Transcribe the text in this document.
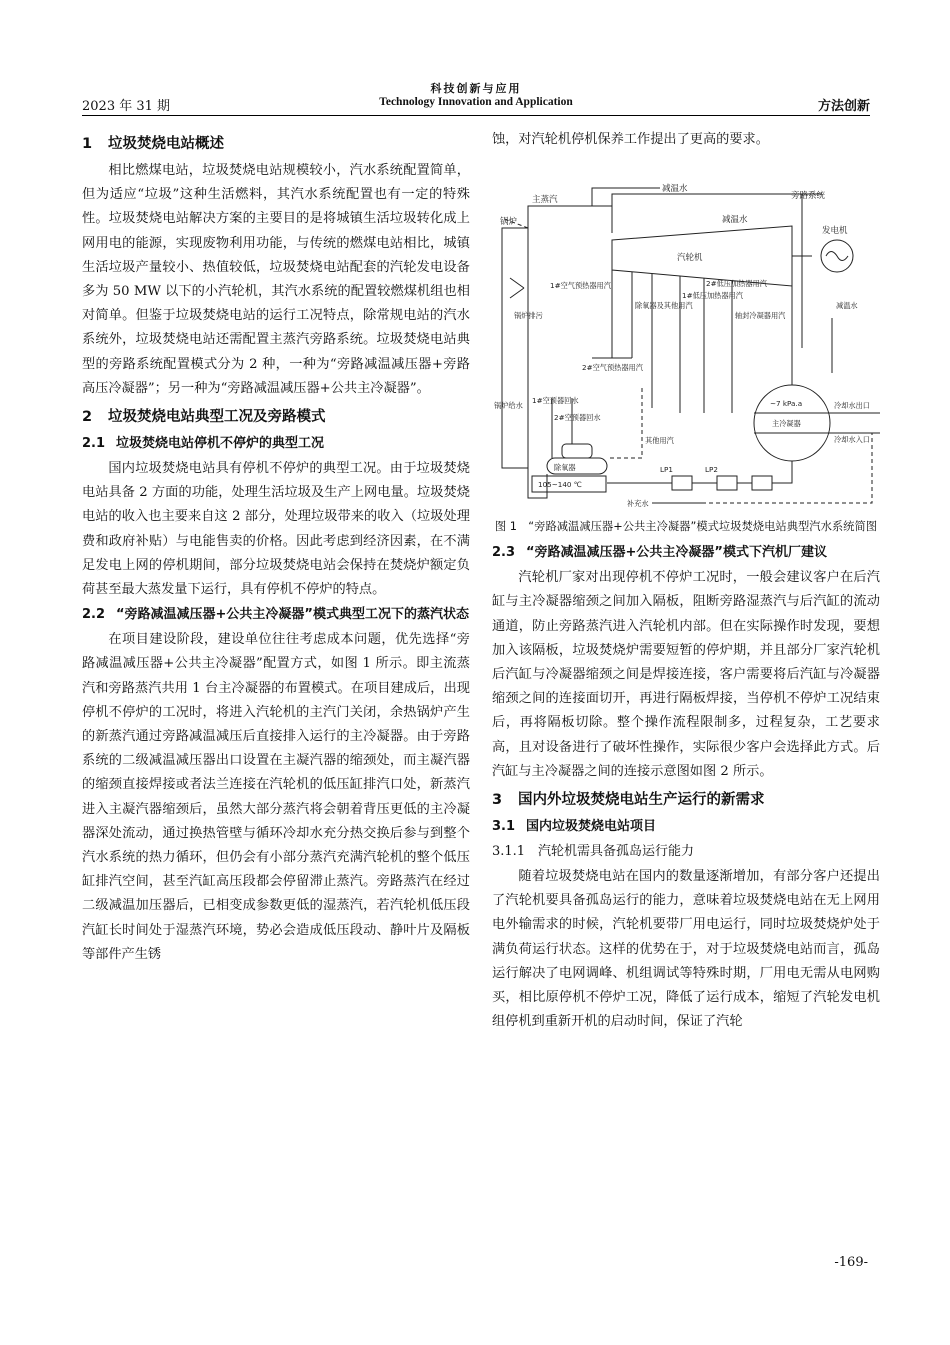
科技创新与应用
2023 年 31 期	Technology Innovation and Application	方法创新
1 垃圾焚烧电站概述

相比燃煤电站，垃圾焚烧电站规模较小，汽水系统配置简单，但为适应“垃圾”这种生活燃料，其汽水系统配置也有一定的特殊性。垃圾焚烧电站解决方案的主要目的是将城镇生活垃圾转化成上网用电的能源，实现废物利用功能，与传统的燃煤电站相比，城镇生活垃圾产量较小、热值较低，垃圾焚烧电站配套的汽轮发电设备多为 50 MW 以下的小汽轮机，其汽水系统的配置较燃煤机组也相对简单。但鉴于垃圾焚烧电站的运行工况特点，除常规电站的汽水系统外，垃圾焚烧电站还需配置主蒸汽旁路系统。垃圾焚烧电站典型的旁路系统配置模式分为 2 种，一种为“旁路减温减压器+旁路高压冷凝器”；另一种为“旁路减温减压器+公共主冷凝器”。

2 垃圾焚烧电站典型工况及旁路模式
2.1 垃圾焚烧电站停机不停炉的典型工况

国内垃圾焚烧电站具有停机不停炉的典型工况。由于垃圾焚烧电站具备 2 方面的功能，处理生活垃圾及生产上网电量。垃圾焚烧电站的收入也主要来自这 2 部分，处理垃圾带来的收入（垃圾处理费和政府补贴）与电能售卖的价格。因此考虑到经济因素，在不满足发电上网的停机期间，部分垃圾焚烧电站会保持在焚烧炉额定负荷甚至最大蒸发量下运行，具有停机不停炉的特点。

2.2 “旁路减温减压器+公共主冷凝器”模式典型工况下的蒸汽状态

在项目建设阶段，建设单位往往考虑成本问题，优先选择“旁路减温减压器+公共主冷凝器”配置方式，如图 1 所示。即主流蒸汽和旁路蒸汽共用 1 台主冷凝器的布置模式。在项目建成后，出现停机不停炉的工况时，将进入汽轮机的主汽门关闭，余热锅炉产生的新蒸汽通过旁路减温减压后直接排入运行的主冷凝器。由于旁路系统的二级减温减压器出口设置在主凝汽器的缩颈处，而主凝汽器的缩颈直接焊接或者法兰连接在汽轮机的低压缸排汽口处，新蒸汽进入主凝汽器缩颈后，虽然大部分蒸汽将会朝着背压更低的主冷凝器深处流动，通过换热管壁与循环冷却水充分热交换后参与到整个汽水系统的热力循环，但仍会有小部分蒸汽充满汽轮机的整个低压缸排汽空间，甚至汽缸高压段都会停留滞止蒸汽。旁路蒸汽在经过二级减温加压器后，已相变成参数更低的湿蒸汽，若汽轮机低压段汽缸长时间处于湿蒸汽环境，势必会造成低压段动、静叶片及隔板等部件产生锈

蚀，对汽轮机停机保养工作提出了更高的要求。

减温水
旁路系统
主蒸汽
减温水
发电机
汽轮机
锅炉
减温水
锅炉排污
1#空气预热器用汽
除氧器及其他用汽
1#低压加热器用汽
2#低压加热器用汽
轴封冷凝器用汽
2#空气预热器用汽
锅炉给水
1#空预器回水
2#空预器回水
其他用汽
~7 kPa.a
主冷凝器
冷却水出口
冷却水入口
除氧器
105~140 ℃
LP1	LP2
补充水
图 1　“旁路减温减压器+公共主冷凝器”模式垃圾焚烧电站典型汽水系统简图
2.3 “旁路减温减压器+公共主冷凝器”模式下汽机厂建议

汽轮机厂家对出现停机不停炉工况时，一般会建议客户在后汽缸与主冷凝器缩颈之间加入隔板，阻断旁路湿蒸汽与后汽缸的流动通道，防止旁路蒸汽进入汽轮机内部。但在实际操作时发现，要想加入该隔板，垃圾焚烧炉需要短暂的停炉期，并且部分厂家汽轮机后汽缸与冷凝器缩颈之间是焊接连接，客户需要将后汽缸与冷凝器缩颈之间的连接面切开，再进行隔板焊接，当停机不停炉工况结束后，再将隔板切除。整个操作流程限制多，过程复杂，工艺要求高，且对设备进行了破坏性操作，实际很少客户会选择此方式。后汽缸与主冷凝器之间的连接示意图如图 2 所示。

3 国内外垃圾焚烧电站生产运行的新需求
3.1 国内垃圾焚烧电站项目
3.1.1 汽轮机需具备孤岛运行能力

随着垃圾焚烧电站在国内的数量逐渐增加，有部分客户还提出了汽轮机要具备孤岛运行的能力，意味着垃圾焚烧电站在无上网用电外输需求的时候，汽轮机要带厂用电运行，同时垃圾焚烧炉处于满负荷运行状态。这样的优势在于，对于垃圾焚烧电站而言，孤岛运行解决了电网调峰、机组调试等特殊时期，厂用电无需从电网购买，相比原停机不停炉工况，降低了运行成本，缩短了汽轮发电机组停机到重新开机的启动时间，保证了汽轮

-169-
